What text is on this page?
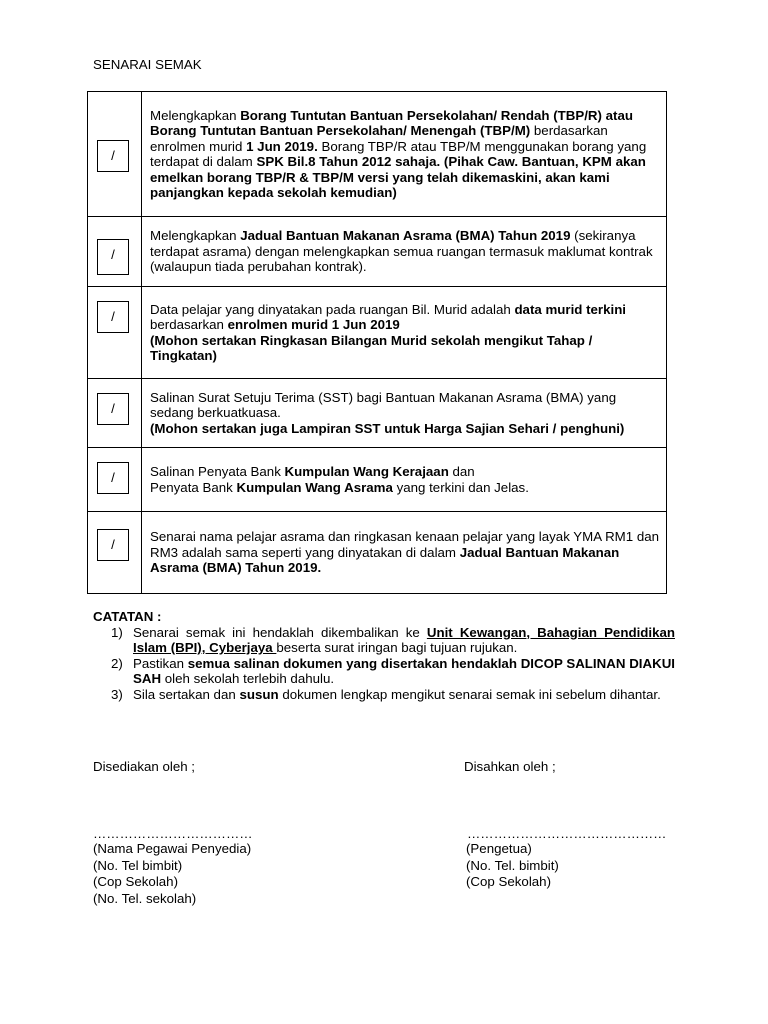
SENARAI SEMAK
/	Melengkapkan Borang Tuntutan Bantuan Persekolahan/ Rendah (TBP/R) atau Borang Tuntutan Bantuan Persekolahan/ Menengah (TBP/M) berdasarkan enrolmen murid 1 Jun 2019. Borang TBP/R atau TBP/M menggunakan borang yang terdapat di dalam SPK Bil.8 Tahun 2012 sahaja. (Pihak Caw. Bantuan, KPM akan emelkan borang TBP/R & TBP/M versi yang telah dikemaskini, akan kami panjangkan kepada sekolah kemudian)

/	Melengkapkan Jadual Bantuan Makanan Asrama (BMA) Tahun 2019 (sekiranya terdapat asrama) dengan melengkapkan semua ruangan termasuk maklumat kontrak (walaupun tiada perubahan kontrak).

/	Data pelajar yang dinyatakan pada ruangan Bil. Murid adalah data murid terkini berdasarkan enrolmen murid 1 Jun 2019
(Mohon sertakan Ringkasan Bilangan Murid sekolah mengikut Tahap / Tingkatan)

/	Salinan Surat Setuju Terima (SST) bagi Bantuan Makanan Asrama (BMA) yang sedang berkuatkuasa.
(Mohon sertakan juga Lampiran SST untuk Harga Sajian Sehari / penghuni)

/	Salinan Penyata Bank Kumpulan Wang Kerajaan dan
Penyata Bank Kumpulan Wang Asrama yang terkini dan Jelas.

/	Senarai nama pelajar asrama dan ringkasan kenaan pelajar yang layak YMA RM1 dan RM3 adalah sama seperti yang dinyatakan di dalam Jadual Bantuan Makanan Asrama (BMA) Tahun 2019.
CATATAN :
1) Senarai semak ini hendaklah dikembalikan ke Unit Kewangan, Bahagian Pendidikan Islam (BPI), Cyberjaya beserta surat iringan bagi tujuan rujukan.
2) Pastikan semua salinan dokumen yang disertakan hendaklah DICOP SALINAN DIAKUI SAH oleh sekolah terlebih dahulu.
3) Sila sertakan dan susun dokumen lengkap mengikut senarai semak ini sebelum dihantar.
Disediakan oleh ;	Disahkan oleh ;
………………………………	………………………………………
(Nama Pegawai Penyedia)
(No. Tel bimbit)
(Cop Sekolah)
(No. Tel. sekolah)
(Pengetua)
(No. Tel. bimbit)
(Cop Sekolah)
